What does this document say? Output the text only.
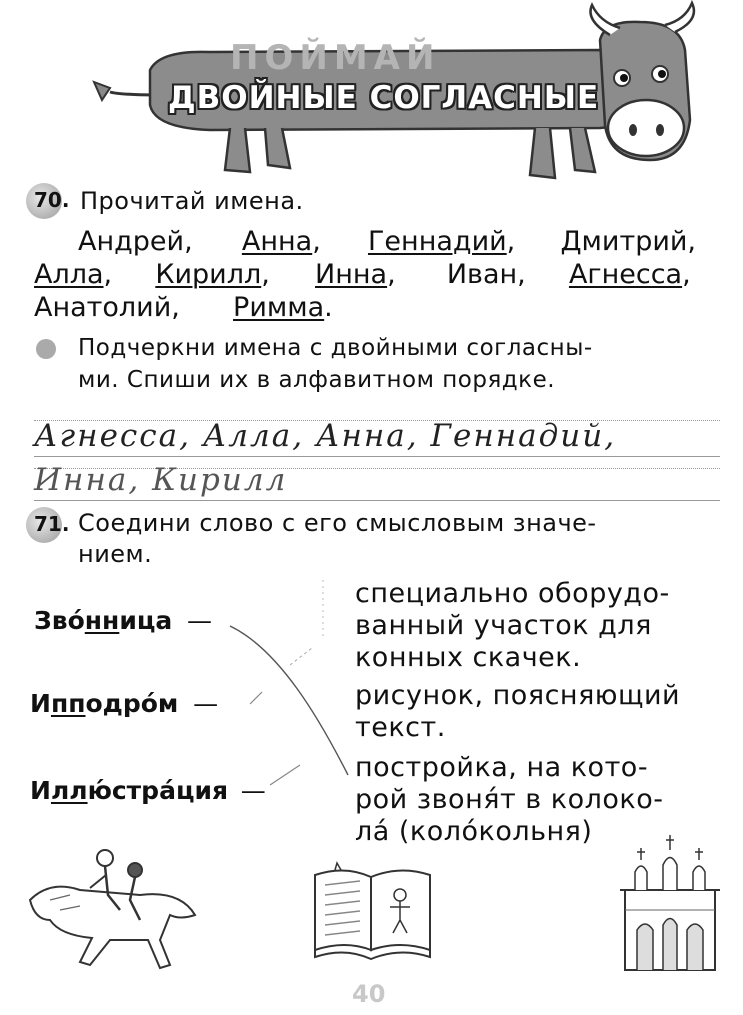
ПОЙМАЙ
ДВОЙНЫЕ СОГЛАСНЫЕ
70. Прочитай имена.
Андрей, Анна, Геннадий, Дмитрий,
Алла, Кирилл, Инна, Иван, Агнесса,
Анатолий, Римма.
Подчеркни имена с двойными согласны-
ми. Спиши их в алфавитном порядке.
Агнесса, Алла, Анна, Геннадий,
Инна, Кирилл
71. Соедини слово с его смысловым значе-
нием.
Зво́нница —
Ипподро́м —
Иллю́стра́ция —
специально оборудо-
ванный участок для
конных скачек.
рисунок, поясняющий
текст.
постройка, на кото-
рой звоня́т в колоко-
ла́ (коло́кольня)
40
